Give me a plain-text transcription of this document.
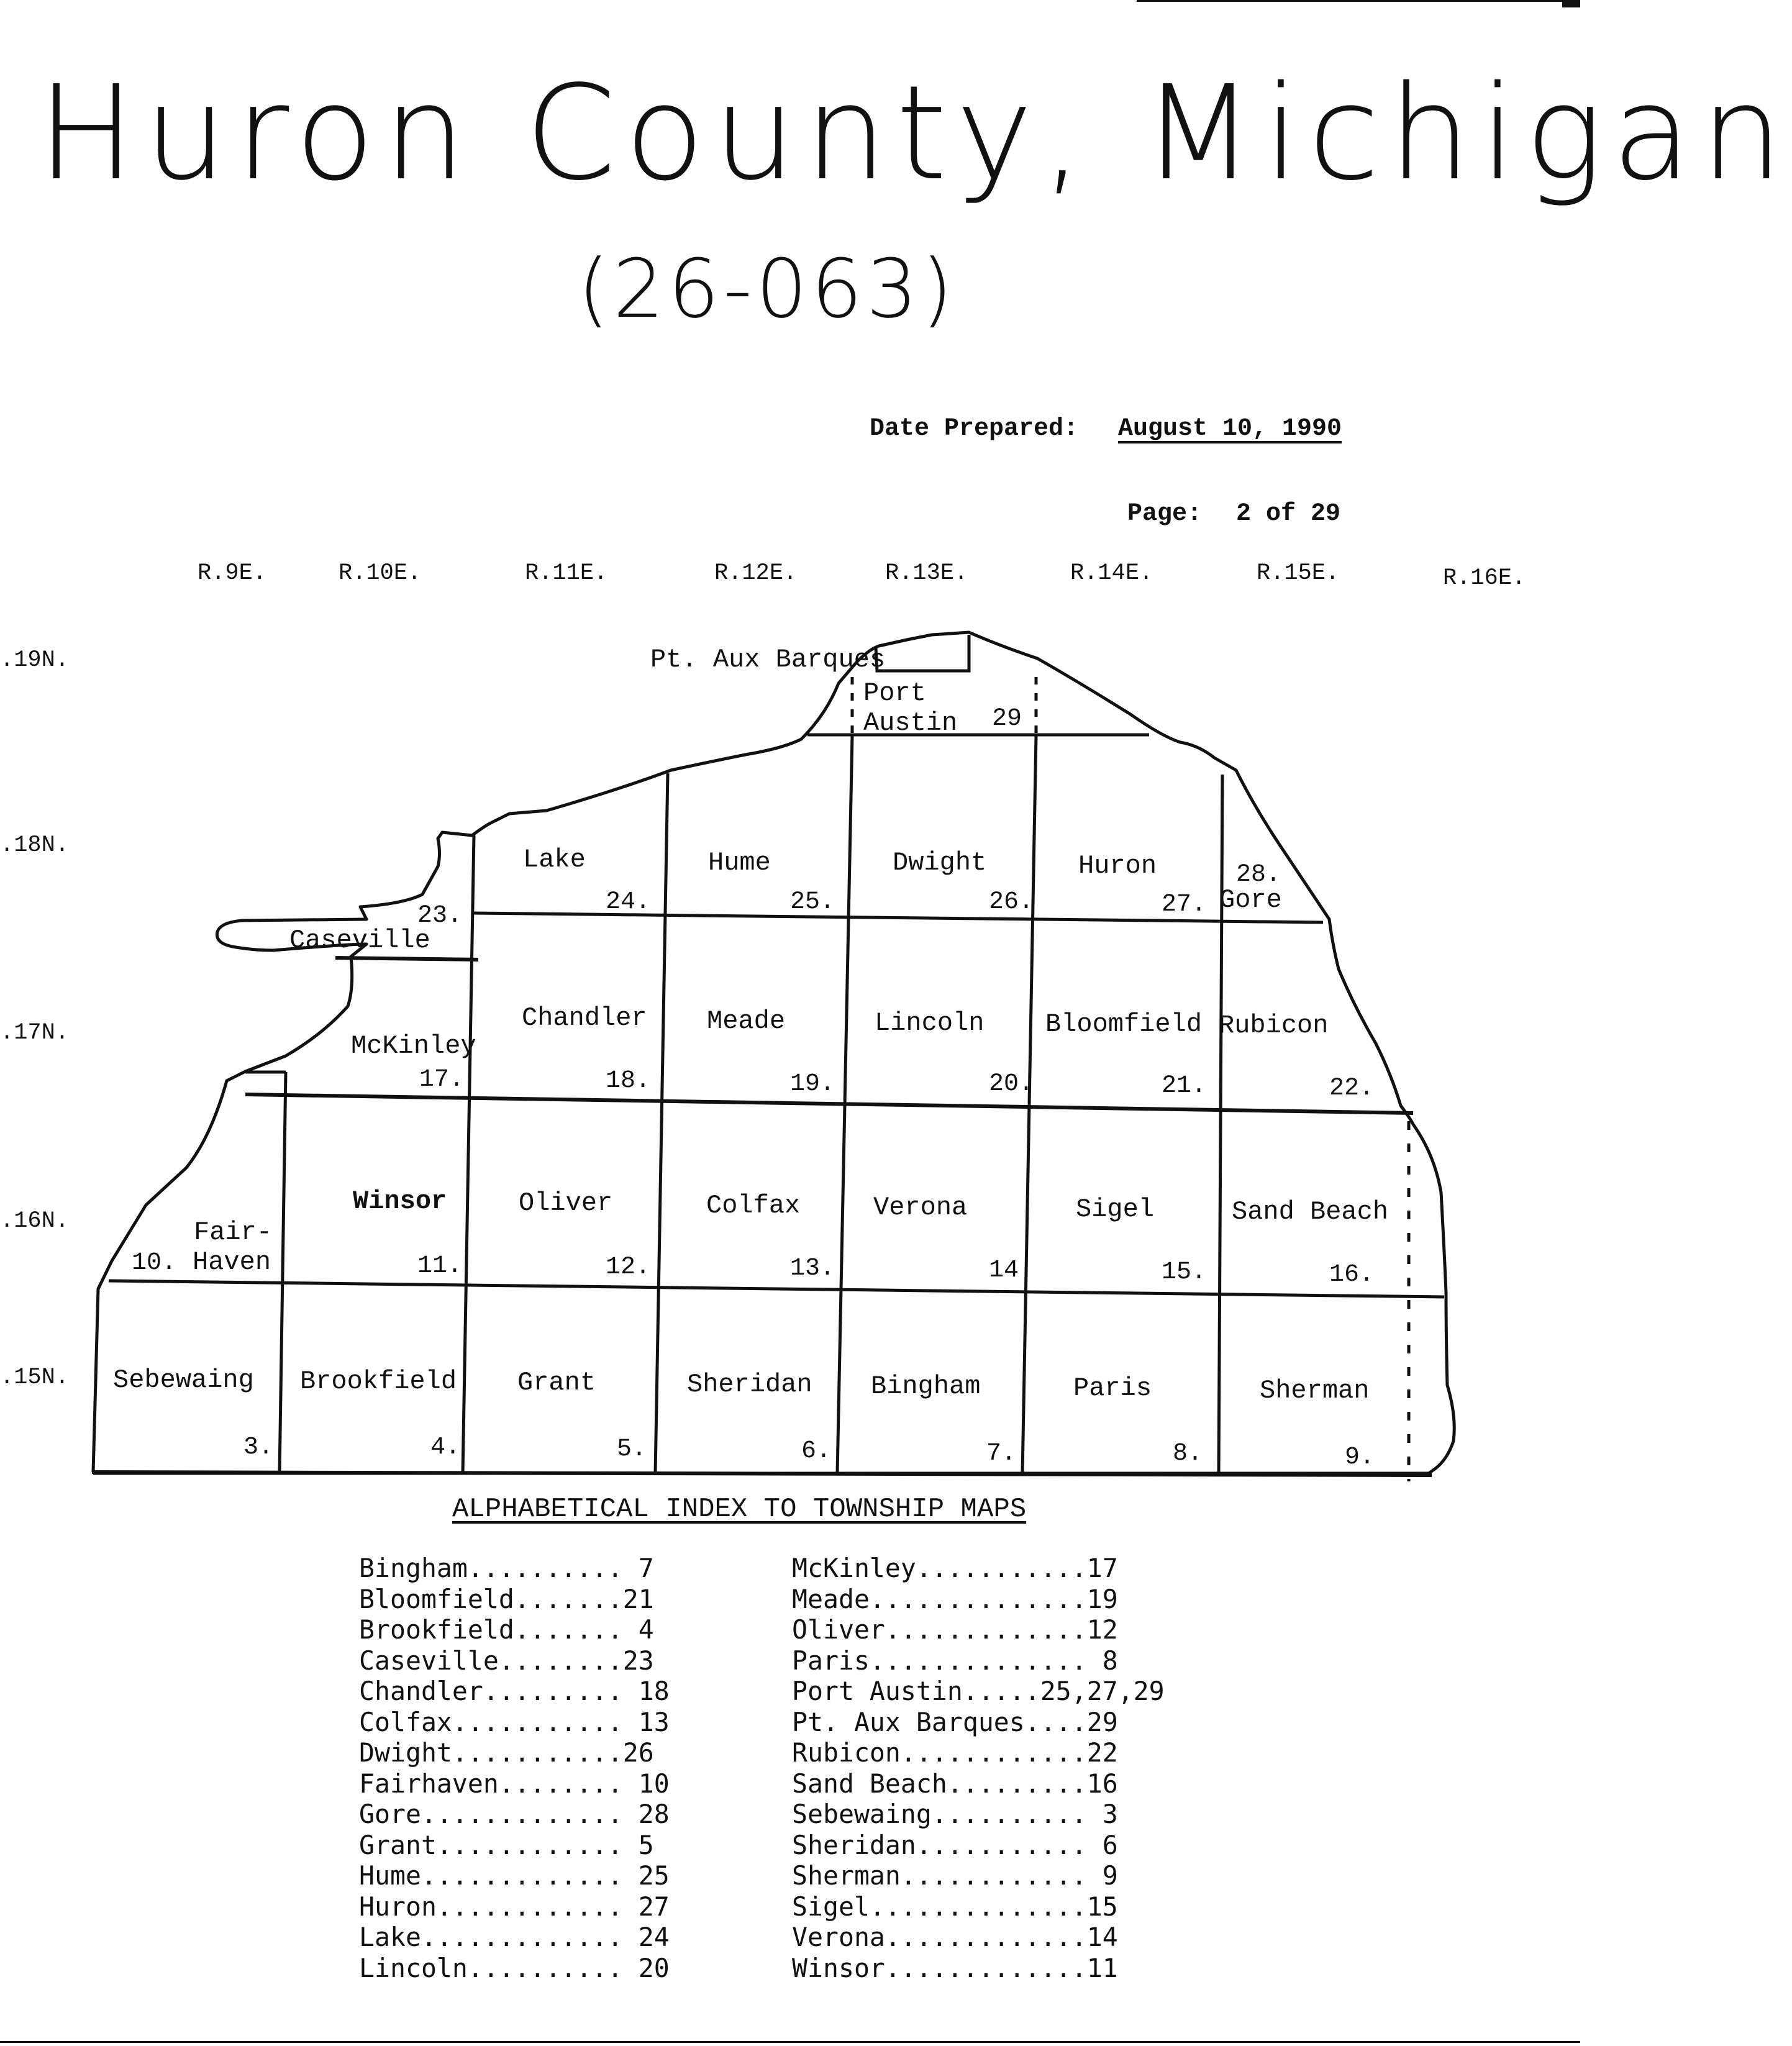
Huron County, Michigan
(26-063)
Date Prepared: August 10, 1990
Page: 2 of 29
R.9E.	R.10E.	R.11E.	R.12E.	R.13E.	R.14E.	R.15E.	R.16E.
.19N.
.18N.
.17N.
.16N.
.15N.
Pt. Aux Barques
Port
Austin 29
Caseville
23.
Lake
24.
Hume
25.
Dwight
26.
Huron
27. Gore
28.
Chandler
18.
Meade
19.
Lincoln
20.
Bloomfield
21.
Rubicon
22.
McKinley
17.
Fair-
10. Haven
Winsor
11.
Oliver
12.
Colfax
13.
Verona
14.
Sigel
15.
Sand Beach
16.
Sebewaing
3.
Brookfield
4.
Grant
5.
Sheridan
6.
Bingham
7.
Paris
8.
Sherman
9.
ALPHABETICAL INDEX TO TOWNSHIP MAPS
Bingham.......... 7
Bloomfield.......21
Brookfield....... 4
Caseville........23
Chandler......... 18
Colfax........... 13
Dwight...........26
Fairhaven........ 10
Gore............. 28
Grant............ 5
Hume............. 25
Huron............ 27
Lake............. 24
Lincoln.......... 20
McKinley...........17
Meade..............19
Oliver.............12
Paris.............. 8
Port Austin.....25,27,29
Pt. Aux Barques....29
Rubicon............22
Sand Beach.........16
Sebewaing.......... 3
Sheridan........... 6
Sherman............ 9
Sigel..............15
Verona.............14
Winsor.............11
